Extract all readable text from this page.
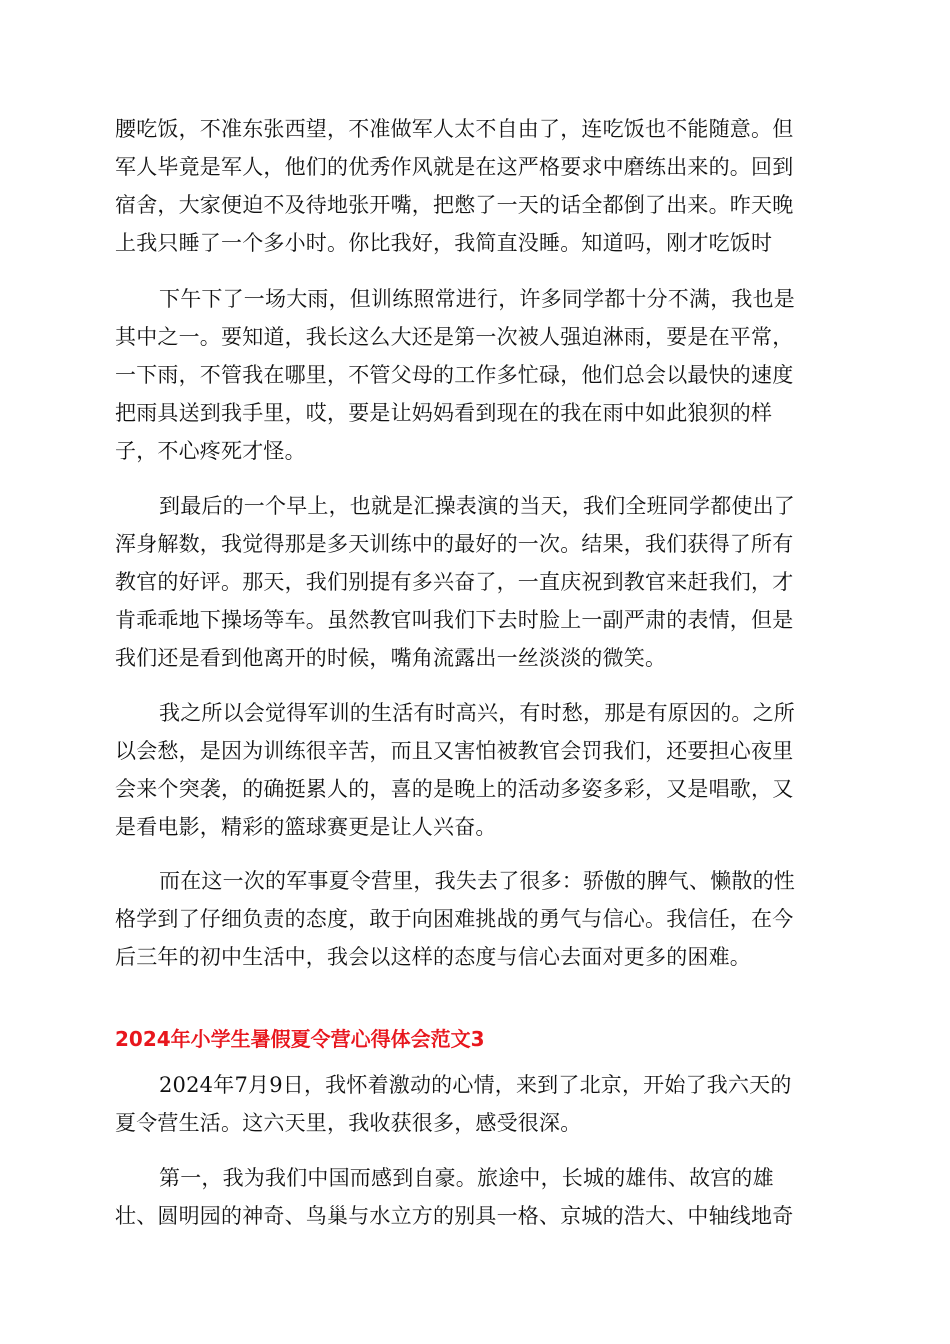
腰吃饭，不准东张西望，不准做军人太不自由了，连吃饭也不能随意。但
军人毕竟是军人，他们的优秀作风就是在这严格要求中磨练出来的。回到
宿舍，大家便迫不及待地张开嘴，把憋了一天的话全都倒了出来。昨天晚
上我只睡了一个多小时。你比我好，我简直没睡。知道吗，刚才吃饭时
下午下了一场大雨，但训练照常进行，许多同学都十分不满，我也是
其中之一。要知道，我长这么大还是第一次被人强迫淋雨，要是在平常，
一下雨，不管我在哪里，不管父母的工作多忙碌，他们总会以最快的速度
把雨具送到我手里，哎，要是让妈妈看到现在的我在雨中如此狼狈的样
子，不心疼死才怪。
到最后的一个早上，也就是汇操表演的当天，我们全班同学都使出了
浑身解数，我觉得那是多天训练中的最好的一次。结果，我们获得了所有
教官的好评。那天，我们别提有多兴奋了，一直庆祝到教官来赶我们，才
肯乖乖地下操场等车。虽然教官叫我们下去时脸上一副严肃的表情，但是
我们还是看到他离开的时候，嘴角流露出一丝淡淡的微笑。
我之所以会觉得军训的生活有时高兴，有时愁，那是有原因的。之所
以会愁，是因为训练很辛苦，而且又害怕被教官会罚我们，还要担心夜里
会来个突袭，的确挺累人的，喜的是晚上的活动多姿多彩，又是唱歌，又
是看电影，精彩的篮球赛更是让人兴奋。
而在这一次的军事夏令营里，我失去了很多：骄傲的脾气、懒散的性
格学到了仔细负责的态度，敢于向困难挑战的勇气与信心。我信任，在今
后三年的初中生活中，我会以这样的态度与信心去面对更多的困难。
2024年小学生暑假夏令营心得体会范文3
2024年7月9日，我怀着激动的心情，来到了北京，开始了我六天的
夏令营生活。这六天里，我收获很多，感受很深。
第一，我为我们中国而感到自豪。旅途中，长城的雄伟、故宫的雄
壮、圆明园的神奇、鸟巢与水立方的别具一格、京城的浩大、中轴线地奇
